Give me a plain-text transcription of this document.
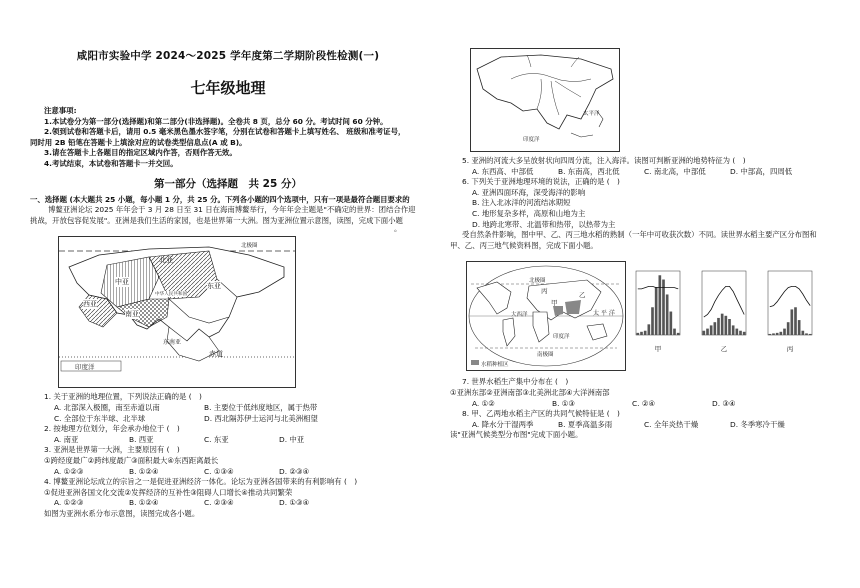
咸阳市实验中学 2024～2025 学年度第二学期阶段性检测(一)

七年级地理

注意事项:

1.本试卷分为第一部分(选择题)和第二部分(非选择题)。全卷共 8 页，总分 60 分。考试时间 60 分钟。

2.领到试卷和答题卡后，请用 0.5 毫米黑色墨水签字笔，分别在试卷和答题卡上填写姓名、 班级和准考证号，

同时用 2B 铅笔在答题卡上填涂对应的试卷类型信息点(A 或 B)。

3.请在答题卡上各题目的指定区域内作答，否则作答无效。

4.考试结束，本试卷和答题卡一并交回。

第一部分（选择题　共 25 分）

一、选择题 (本大题共 25 小题，每小题 1 分，共 25 分。下列各小题的四个选项中，只有一项是最符合题目要求的

博鳌亚洲论坛 2025 年年会于 3 月 28 日至 31 日在海南博鳌举行，今年年会主题是"不确定的世界：团结合作迎

挑战，开放包容促发展"。亚洲是我们生活的家园，也是世界第一大洲。图为亚洲位置示意图，读图，完成下面小题

。

北极圈
北亚
西亚
中亚
南亚
东亚
中华人民共和国
东南亚
赤道
印度洋

1. 关于亚洲的地理位置，下列说法正确的是 (　)

A. 北部深入极圈，南至赤道以南	B. 主要位于低纬度地区，属于热带
C. 全部位于东半球、北半球	D. 西北隔苏伊士运河与北美洲相望

2. 按地理方位划分，年会承办地位于 (　)

A. 南亚	B. 西亚	C. 东亚	D. 中亚

3. 亚洲是世界第一大洲，主要原因有 (　)

①跨经度最广②跨纬度最广③面积最大④东西距离最长

A. ①②③	B. ①②④	C. ①③④	D. ②③④

4. 博鳌亚洲论坛成立的宗旨之一是促进亚洲经济一体化。论坛为亚洲各国带来的有利影响有 (　)

①促进亚洲各国文化交流②发挥经济的互补性③阻碍人口增长④推动共同繁荣

A. ①②③	B. ①②④	C. ②③④	D. ①③④

如图为亚洲水系分布示意图，读图完成各小题。

太平洋
印度洋

5. 亚洲的河流大多呈放射状向四周分流，注入海洋。读图可判断亚洲的地势特征为 (　)

A. 东西高、中部低	B. 东南高，西北低	C. 南北高，中部低	D. 中部高，四周低

6. 下列关于亚洲地理环境的说法，正确的是 (　)

A. 亚洲四面环海，深受海洋的影响

B. 注入北冰洋的河流结冰期短

C. 地形复杂多样，高原和山地为主

D. 地跨北寒带、北温带和热带，以热带为主

受自然条件影响，图中甲、乙、丙三地水稻的熟制（一年中可收获次数）不同。读世界水稻主要产区分布图和

甲、乙、丙三地气候资料图，完成下面小题。

北极圈
甲
乙
丙
太 平 洋
大西洋
印度洋
南极圈
水稻种植区
甲	乙	丙

7. 世界水稻生产集中分布在 (　)

①亚洲东部②亚洲南部③北美洲北部④大洋洲南部

A. ①②	B. ①③	C. ②④	D. ③④

8. 甲、乙两地水稻主产区的共同气候特征是 (　)

A. 降水分干湿两季	B. 夏季高温多雨	C. 全年炎热干燥	D. 冬季寒冷干燥

读"亚洲气候类型分布图"完成下面小题。
